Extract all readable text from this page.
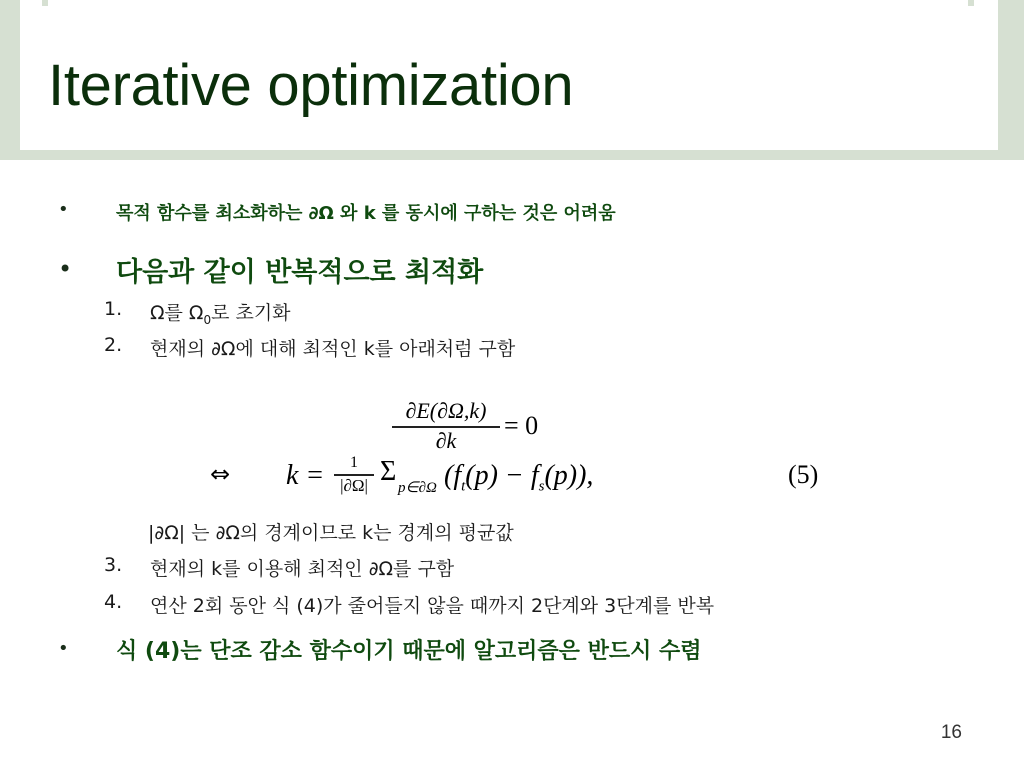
Iterative optimization
•	목적 함수를 최소화하는 ∂Ω 와 k 를 동시에 구하는 것은 어려움
• 다음과 같이 반복적으로 최적화
1. Ω를 $\Omega_0$로 초기화
2. 현재의 ∂Ω에 대해 최적인 k를 아래처럼 구함
∂E(∂Ω,k)
∂k
= 0
⇔ k =	1
|∂Ω| Σ
p∈∂Ω $(f_t(p) - f_s(p))$,	(5)
|∂Ω| 는 ∂Ω의 경계이므로 k는 경계의 평균값
3. 현재의 k를 이용해 최적인 ∂Ω를 구함
4. 연산 2회 동안 식 (4)가 줄어들지 않을 때까지 2단계와 3단계를 반복
• 식 (4)는 단조 감소 함수이기 때문에 알고리즘은 반드시 수렴
16
